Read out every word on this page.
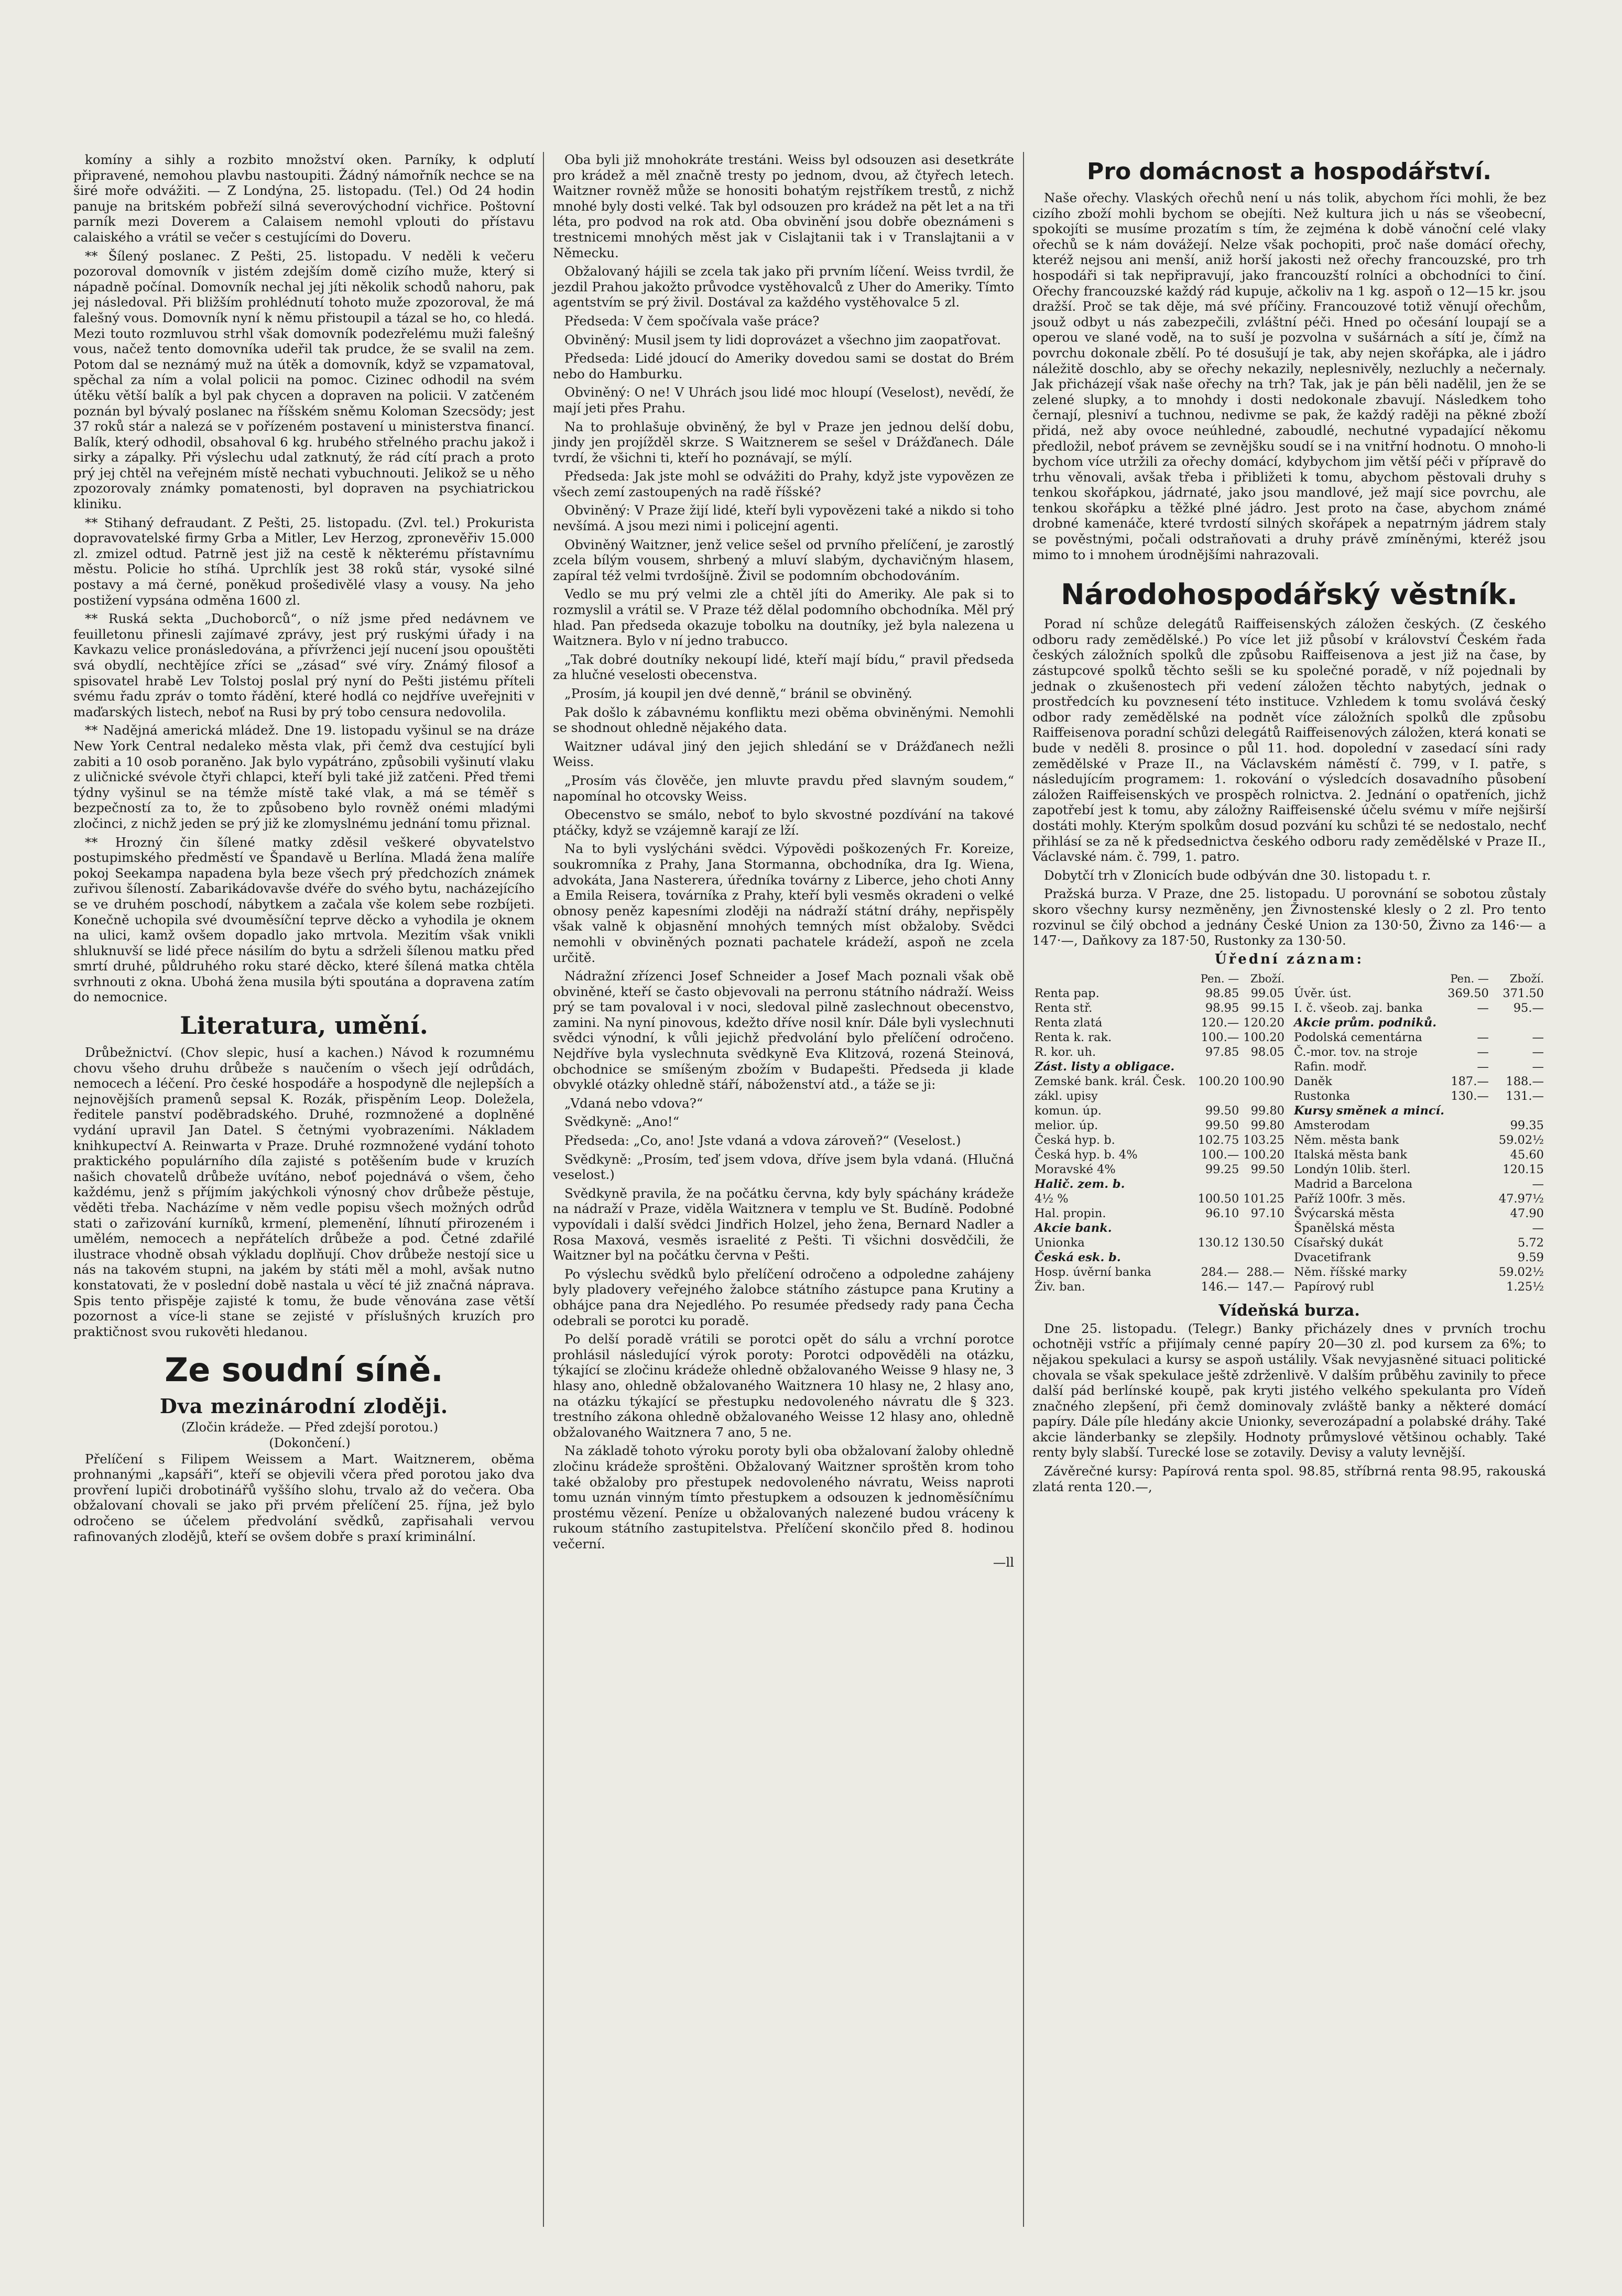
komíny a sihly a rozbito množství oken. Parníky, k odplutí připravené, nemohou plavbu nastoupiti. Žádný námořník nechce se na širé moře odvážiti. — Z Londýna, 25. listopadu. (Tel.) Od 24 hodin panuje na britském pobřeží silná severovýchodní vichřice. Poštovní parník mezi Doverem a Calaisem nemohl vplouti do přístavu calaiského a vrátil se večer s cestujícími do Doveru.

** Šílený poslanec. Z Pešti, 25. listopadu. V neděli k večeru pozoroval domovník v jistém zdejším domě cizího muže, který si nápadně počínal. Domovník nechal jej jíti několik schodů nahoru, pak jej následoval. Při bližším prohlédnutí tohoto muže zpozoroval, že má falešný vous. Domovník nyní k němu přistoupil a tázal se ho, co hledá. Mezi touto rozmluvou strhl však domovník podezřelému muži falešný vous, načež tento domovníka udeřil tak prudce, že se svalil na zem. Potom dal se neznámý muž na útěk a domovník, když se vzpamatoval, spěchal za ním a volal policii na pomoc. Cizinec odhodil na svém útěku větší balík a byl pak chycen a dopraven na policii. V zatčeném poznán byl bývalý poslanec na říšském sněmu Koloman Szecsödy; jest 37 roků stár a nalezá se v pořízeném postavení u ministerstva financí. Balík, který odhodil, obsahoval 6 kg. hrubého střelného prachu jakož i sirky a zápalky. Při výslechu udal zatknutý, že rád cítí prach a proto prý jej chtěl na veřejném místě nechati vybuchnouti. Jelikož se u něho zpozorovaly známky pomatenosti, byl dopraven na psychiatrickou kliniku.

** Stihaný defraudant. Z Pešti, 25. listopadu. (Zvl. tel.) Prokurista dopravovatelské firmy Grba a Mitler, Lev Herzog, zpronevěřiv 15.000 zl. zmizel odtud. Patrně jest již na cestě k některému přístavnímu městu. Policie ho stíhá. Uprchlík jest 38 roků stár, vysoké silné postavy a má černé, poněkud prošedivělé vlasy a vousy. Na jeho postižení vypsána odměna 1600 zl.

** Ruská sekta „Duchoborců“, o níž jsme před nedávnem ve feuilletonu přinesli zajímavé zprávy, jest prý ruskými úřady i na Kavkazu velice pronásledována, a přívrženci její nucení jsou opouštěti svá obydlí, nechtějíce zříci se „zásad“ své víry. Známý filosof a spisovatel hrabě Lev Tolstoj poslal prý nyní do Pešti jistému příteli svému řadu zpráv o tomto řádění, které hodlá co nejdříve uveřejniti v maďarských listech, neboť na Rusi by prý tobo censura nedovolila.

** Nadějná americká mládež. Dne 19. listopadu vyšinul se na dráze New York Central nedaleko města vlak, při čemž dva cestující byli zabiti a 10 osob poraněno. Jak bylo vypátráno, způsobili vyšinutí vlaku z uličnické svévole čtyři chlapci, kteří byli také již zatčeni. Před třemi týdny vyšinul se na témže místě také vlak, a má se téměř s bezpečností za to, že to způsobeno bylo rovněž onémi mladými zločinci, z nichž jeden se prý již ke zlomyslnému jednání tomu přiznal.

** Hrozný čin šílené matky zděsil veškeré obyvatelstvo postupimského předměstí ve Špandavě u Berlína. Mladá žena malíře pokoj Seekampa napadena byla beze všech prý předchozích známek zuřivou šíleností. Zabarikádovavše dvéře do svého bytu, nacházejícího se ve druhém poschodí, nábytkem a začala vše kolem sebe rozbíjeti. Konečně uchopila své dvouměsíční teprve děcko a vyhodila je oknem na ulici, kamž ovšem dopadlo jako mrtvola. Mezitím však vnikli shluknuvší se lidé přece násilím do bytu a sdrželi šílenou matku před smrtí druhé, půldruhého roku staré děcko, které šílená matka chtěla svrhnouti z okna. Ubohá žena musila býti spoutána a dopravena zatím do nemocnice.

Literatura, umění.

Drůbežnictví. (Chov slepic, husí a kachen.) Návod k rozumnému chovu všeho druhu drůbeže s naučením o všech její odrůdách, nemocech a léčení. Pro české hospodáře a hospodyně dle nejlepších a nejnovějších pramenů sepsal K. Rozák, přispěním Leop. Doležela, ředitele panství poděbradského. Druhé, rozmnožené a doplněné vydání upravil Jan Datel. S četnými vyobrazeními. Nákladem knihkupectví A. Reinwarta v Praze. Druhé rozmnožené vydání tohoto praktického populárního díla zajisté s potěšením bude v kruzích našich chovatelů drůbeže uvítáno, neboť pojednává o všem, čeho každému, jenž s příjmím jakýchkoli výnosný chov drůbeže pěstuje, věděti třeba. Nacházíme v něm vedle popisu všech možných odrůd stati o zařizování kurníků, krmení, plemenění, líhnutí přirozeném i umělém, nemocech a nepřátelích drůbeže a pod. Četné zdařilé ilustrace vhodně obsah výkladu doplňují. Chov drůbeže nestojí sice u nás na takovém stupni, na jakém by státi měl a mohl, avšak nutno konstatovati, že v poslední době nastala u věcí té již značná náprava. Spis tento přispěje zajisté k tomu, že bude věnována zase větší pozornost a více-li stane se zejisté v příslušných kruzích pro praktičnost svou rukověti hledanou.

Ze soudní síně.
Dva mezinárodní zloději.

(Zločin krádeže. — Před zdejší porotou.)

(Dokončení.)

Přelíčení s Filipem Weissem a Mart. Waitznerem, oběma prohnanými „kapsáři“, kteří se objevili včera před porotou jako dva provření lupiči drobotinářů vyššího slohu, trvalo až do večera. Oba obžalovaní chovali se jako při prvém přelíčení 25. října, jež bylo odročeno se účelem předvolání svědků, zapřisahali vervou rafinovaných zlodějů, kteří se ovšem dobře s praxí kriminální.

Oba byli již mnohokráte trestáni. Weiss byl odsouzen asi desetkráte pro krádež a měl značně tresty po jednom, dvou, až čtyřech letech. Waitzner rovněž může se honositi bohatým rejstříkem trestů, z nichž mnohé byly dosti velké. Tak byl odsouzen pro krádež na pět let a na tři léta, pro podvod na rok atd. Oba obvinění jsou dobře obeznámeni s trestnicemi mnohých měst jak v Cislajtanii tak i v Translajtanii a v Německu.

Obžalovaný hájili se zcela tak jako při prvním líčení. Weiss tvrdil, že jezdil Prahou jakožto průvodce vystěhovalců z Uher do Ameriky. Tímto agentstvím se prý živil. Dostával za každého vystěhovalce 5 zl.

Předseda: V čem spočívala vaše práce?

Obviněný: Musil jsem ty lidi doprovázet a všechno jim zaopatřovat.

Předseda: Lidé jdoucí do Ameriky dovedou sami se dostat do Brém nebo do Hamburku.

Obviněný: O ne! V Uhrách jsou lidé moc hloupí (Veselost), nevědí, že mají jeti přes Prahu.

Na to prohlašuje obviněný, že byl v Praze jen jednou delší dobu, jindy jen projížděl skrze. S Waitznerem se sešel v Drážďanech. Dále tvrdí, že všichni ti, kteří ho poznávají, se mýlí.

Předseda: Jak jste mohl se odvážiti do Prahy, když jste vypovězen ze všech zemí zastoupených na radě říšské?

Obviněný: V Praze žijí lidé, kteří byli vypovězeni také a nikdo si toho nevšímá. A jsou mezi nimi i policejní agenti.

Obviněný Waitzner, jenž velice sešel od prvního přelíčení, je zarostlý zcela bílým vousem, shrbený a mluví slabým, dychavičným hlasem, zapíral též velmi tvrdošíjně. Živil se podomním obchodováním.

Vedlo se mu prý velmi zle a chtěl jíti do Ameriky. Ale pak si to rozmyslil a vrátil se. V Praze též dělal podomního obchodníka. Měl prý hlad. Pan předseda okazuje tobolku na doutníky, jež byla nalezena u Waitznera. Bylo v ní jedno trabucco.

„Tak dobré doutníky nekoupí lidé, kteří mají bídu,“ pravil předseda za hlučné veselosti obecenstva.

„Prosím, já koupil jen dvé denně,“ bránil se obviněný.

Pak došlo k zábavnému konfliktu mezi oběma obviněnými. Nemohli se shodnout ohledně nějakého data.

Waitzner udával jiný den jejich shledání se v Drážďanech nežli Weiss.

„Prosím vás člověče, jen mluvte pravdu před slavným soudem,“ napomínal ho otcovsky Weiss.

Obecenstvo se smálo, neboť to bylo skvostné pozdívání na takové ptáčky, když se vzájemně karají ze lží.

Na to byli vyslýcháni svědci. Výpovědi poškozených Fr. Koreize, soukromníka z Prahy, Jana Stormanna, obchodníka, dra Ig. Wiena, advokáta, Jana Nasterera, úředníka továrny z Liberce, jeho choti Anny a Emila Reisera, továrníka z Prahy, kteří byli vesměs okradeni o velké obnosy peněz kapesními zloději na nádraží státní dráhy, nepřispěly však valně k objasnění mnohých temných míst obžaloby. Svědci nemohli v obviněných poznati pachatele krádeží, aspoň ne zcela určitě.

Nádražní zřízenci Josef Schneider a Josef Mach poznali však obě obviněné, kteří se často objevovali na perronu státního nádraží. Weiss prý se tam povaloval i v noci, sledoval pilně zaslechnout obecenstvo, zamini. Na nyní pinovous, kdežto dříve nosil knír. Dále byli vyslechnuti svědci výnodní, k vůli jejichž předvolání bylo přelíčení odročeno. Nejdříve byla vyslechnuta svědkyně Eva Klitzová, rozená Steinová, obchodnice se smíšeným zbožím v Budapešti. Předseda ji klade obvyklé otázky ohledně stáří, náboženství atd., a táže se ji:

„Vdaná nebo vdova?“

Svědkyně: „Ano!“

Předseda: „Co, ano! Jste vdaná a vdova zároveň?“ (Veselost.)

Svědkyně: „Prosím, teď jsem vdova, dříve jsem byla vdaná. (Hlučná veselost.)

Svědkyně pravila, že na počátku června, kdy byly spáchány krádeže na nádraží v Praze, viděla Waitznera v templu ve St. Budíně. Podobné vypovídali i další svědci Jindřich Holzel, jeho žena, Bernard Nadler a Rosa Maxová, vesměs israelité z Pešti. Ti všichni dosvědčili, že Waitzner byl na počátku června v Pešti.

Po výslechu svědků bylo přelíčení odročeno a odpoledne zahájeny byly pladovery veřejného žalobce státního zástupce pana Krutiny a obhájce pana dra Nejedlého. Po resumée předsedy rady pana Čecha odebrali se porotci ku poradě.

Po delší poradě vrátili se porotci opět do sálu a vrchní porotce prohlásil následující výrok poroty: Porotci odpověděli na otázku, týkající se zločinu krádeže ohledně obžalovaného Weisse 9 hlasy ne, 3 hlasy ano, ohledně obžalovaného Waitznera 10 hlasy ne, 2 hlasy ano, na otázku týkající se přestupku nedovoleného návratu dle § 323. trestního zákona ohledně obžalovaného Weisse 12 hlasy ano, ohledně obžalovaného Waitznera 7 ano, 5 ne.

Na základě tohoto výroku poroty byli oba obžalovaní žaloby ohledně zločinu krádeže sproštěni. Obžalovaný Waitzner sproštěn krom toho také obžaloby pro přestupek nedovoleného návratu, Weiss naproti tomu uznán vinným tímto přestupkem a odsouzen k jednoměsíčnímu prostému vězení. Peníze u obžalovaných nalezené budou vráceny k rukoum státního zastupitelstva. Přelíčení skončilo před 8. hodinou večerní.

—ll

Pro domácnost a hospodářství.

Naše ořechy. Vlaských ořechů není u nás tolik, abychom říci mohli, že bez cizího zboží mohli bychom se obejíti. Než kultura jich u nás se všeobecní, spokojíti se musíme prozatím s tím, že zejména k době vánoční celé vlaky ořechů se k nám dovážejí. Nelze však pochopiti, proč naše domácí ořechy, kteréž nejsou ani menší, aniž horší jakosti než ořechy francouzské, pro trh hospodáři si tak nepřipravují, jako francouzští rolníci a obchodníci to činí. Ořechy francouzské každý rád kupuje, ačkoliv na 1 kg. aspoň o 12—15 kr. jsou dražší. Proč se tak děje, má své příčiny. Francouzové totiž věnují ořechům, jsouž odbyt u nás zabezpečili, zvláštní péči. Hned po očesání loupají se a operou ve slané vodě, na to suší je pozvolna v sušárnách a sítí je, čímž na povrchu dokonale zbělí. Po té dosušují je tak, aby nejen skořápka, ale i jádro náležitě doschlo, aby se ořechy nekazily, neplesnivěly, nezluchly a nečernaly. Jak přicházejí však naše ořechy na trh? Tak, jak je pán běli nadělil, jen že se zelené slupky, a to mnohdy i dosti nedokonale zbavují. Následkem toho černají, plesniví a tuchnou, nedivme se pak, že každý raději na pěkné zboží přidá, než aby ovoce neúhledné, zaboudlé, nechutné vypadající někomu předložil, neboť právem se zevnějšku soudí se i na vnitřní hodnotu. O mnoho-li bychom více utržili za ořechy domácí, kdybychom jim větší péči v přípravě do trhu věnovali, avšak třeba i přibližeti k tomu, abychom pěstovali druhy s tenkou skořápkou, jádrnaté, jako jsou mandlové, jež mají sice povrchu, ale tenkou skořápku a těžké plné jádro. Jest proto na čase, abychom známé drobné kamenáče, které tvrdostí silných skořápek a nepatrným jádrem staly se pověstnými, počali odstraňovati a druhy právě zmíněnými, kteréž jsou mimo to i mnohem úrodnějšími nahrazovali.

Národohospodářský věstník.

Porad ní schůze delegátů Raiffeisenských záložen českých. (Z českého odboru rady zemědělské.) Po více let již působí v království Českém řada českých záložních spolků dle způsobu Raiffeisenova a jest již na čase, by zástupcové spolků těchto sešli se ku společné poradě, v níž pojednali by jednak o zkušenostech při vedení záložen těchto nabytých, jednak o prostředcích ku povznesení této instituce. Vzhledem k tomu svolává český odbor rady zemědělské na podnět více záložních spolků dle způsobu Raiffeisenova poradní schůzi delegátů Raiffeisenových záložen, která konati se bude v neděli 8. prosince o půl 11. hod. dopolední v zasedací síni rady zemědělské v Praze II., na Václavském náměstí č. 799, v I. patře, s následujícím programem: 1. rokování o výsledcích dosavadního působení záložen Raiffeisenských ve prospěch rolnictva. 2. Jednání o opatřeních, jichž zapotřebí jest k tomu, aby záložny Raiffeisenské účelu svému v míře nejširší dostáti mohly. Kterým spolkům dosud pozvání ku schůzi té se nedostalo, nechť přihlásí se za ně k předsednictva českého odboru rady zemědělské v Praze II., Václavské nám. č. 799, 1. patro.

Dobytčí trh v Zlonicích bude odbýván dne 30. listopadu t. r.

Pražská burza. V Praze, dne 25. listopadu. U porovnání se sobotou zůstaly skoro všechny kursy nezměněny, jen Živnostenské klesly o 2 zl. Pro tento rozvinul se čilý obchod a jednány České Union za 130·50, Živno za 146·— a 147·—, Daňkovy za 187·50, Rustonky za 130·50.

Úřední záznam:
	Pen. —	Zboží.
Renta pap.	98.85	99.05
Renta stř.	98.95	99.15
Renta zlatá	120.—	120.20
Renta k. rak.	100.—	100.20
R. kor. uh.	97.85	98.05
Zást. listy a obligace.		
Zemské bank. král. Česk. zákl. upisy	100.20	100.90
komun. úp.	99.50	99.80
melior. úp.	99.50	99.80
Česká hyp. b.	102.75	103.25
Česká hyp. b. 4%	100.—	100.20
Moravské 4%	99.25	99.50
Halič. zem. b.		
4½ %	100.50	101.25
Hal. propin.	96.10	97.10
Akcie bank.		
Unionka	130.12	130.50
Česká esk. b.		
Hosp. úvěrní banka	284.—	288.—
Živ. ban.	146.—	147.—
	Pen. —	Zboží.
Úvěr. úst.	369.50	371.50
I. č. všeob. zaj. banka	—	95.—
Akcie prům. podniků.		
Podolská cementárna	—	—
Č.-mor. tov. na stroje	—	—
Rafin. modř.	—	—
Daněk	187.—	188.—
Rustonka	130.—	131.—
Kursy směnek a mincí.		
Amsterodam		99.35
Něm. města bank		59.02½
Italská města bank		45.60
Londýn 10lib. šterl.		120.15
Madrid a Barcelona		—
Paříž 100fr. 3 měs.		47.97½
Švýcarská města		47.90
Španělská města		—
Císařský dukát		5.72
Dvacetifrank		9.59
Něm. říšské marky		59.02½
Papírový rubl		1.25½
Vídeňská burza.

Dne 25. listopadu. (Telegr.) Banky přicházely dnes v prvních trochu ochotněji vstříc a přijímaly cenné papíry 20—30 zl. pod kursem za 6%; to nějakou spekulaci a kursy se aspoň ustálily. Však nevyjasněné situaci politické chovala se však spekulace ještě zdrženlivě. V dalším průběhu zavinily to přece další pád berlínské koupě, pak kryti jistého velkého spekulanta pro Vídeň značného zlepšení, při čemž dominovaly zvláště banky a některé domácí papíry. Dále píle hledány akcie Unionky, severozápadní a polabské dráhy. Také akcie länderbanky se zlepšily. Hodnoty průmyslové většinou ochably. Také renty byly slabší. Turecké lose se zotavily. Devisy a valuty levnější.

Závěrečné kursy: Papírová renta spol. 98.85, stříbrná renta 98.95, rakouská zlatá renta 120.—,
